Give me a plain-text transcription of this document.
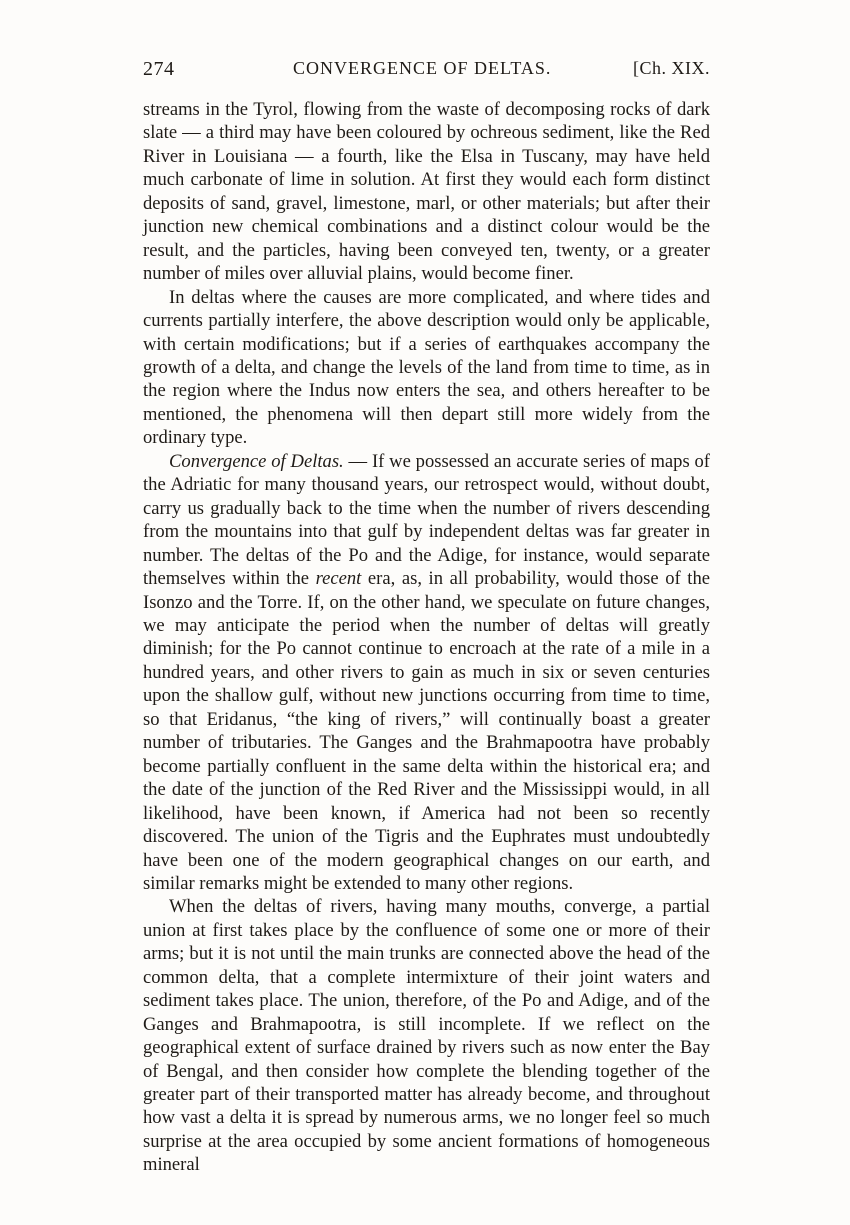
274	CONVERGENCE OF DELTAS.	[Ch. XIX.

streams in the Tyrol, flowing from the waste of decomposing rocks of dark slate — a third may have been coloured by ochreous sediment, like the Red River in Louisiana — a fourth, like the Elsa in Tuscany, may have held much carbonate of lime in solution. At first they would each form distinct deposits of sand, gravel, limestone, marl, or other materials; but after their junction new chemical combinations and a distinct colour would be the result, and the particles, having been conveyed ten, twenty, or a greater number of miles over alluvial plains, would become finer.

In deltas where the causes are more complicated, and where tides and currents partially interfere, the above description would only be applicable, with certain modifications; but if a series of earthquakes accompany the growth of a delta, and change the levels of the land from time to time, as in the region where the Indus now enters the sea, and others hereafter to be mentioned, the phenomena will then depart still more widely from the ordinary type.

Convergence of Deltas. — If we possessed an accurate series of maps of the Adriatic for many thousand years, our retrospect would, without doubt, carry us gradually back to the time when the number of rivers descending from the mountains into that gulf by independent deltas was far greater in number. The deltas of the Po and the Adige, for instance, would separate themselves within the recent era, as, in all probability, would those of the Isonzo and the Torre. If, on the other hand, we speculate on future changes, we may anticipate the period when the number of deltas will greatly diminish; for the Po cannot continue to encroach at the rate of a mile in a hundred years, and other rivers to gain as much in six or seven centuries upon the shallow gulf, without new junctions occurring from time to time, so that Eridanus, “the king of rivers,” will continually boast a greater number of tributaries. The Ganges and the Brahmapootra have probably become partially confluent in the same delta within the historical era; and the date of the junction of the Red River and the Mississippi would, in all likelihood, have been known, if America had not been so recently discovered. The union of the Tigris and the Euphrates must undoubtedly have been one of the modern geographical changes on our earth, and similar remarks might be extended to many other regions.

When the deltas of rivers, having many mouths, converge, a partial union at first takes place by the confluence of some one or more of their arms; but it is not until the main trunks are connected above the head of the common delta, that a complete intermixture of their joint waters and sediment takes place. The union, therefore, of the Po and Adige, and of the Ganges and Brahmapootra, is still incomplete. If we reflect on the geographical extent of surface drained by rivers such as now enter the Bay of Bengal, and then consider how complete the blending together of the greater part of their transported matter has already become, and throughout how vast a delta it is spread by numerous arms, we no longer feel so much surprise at the area occupied by some ancient formations of homogeneous mineral
